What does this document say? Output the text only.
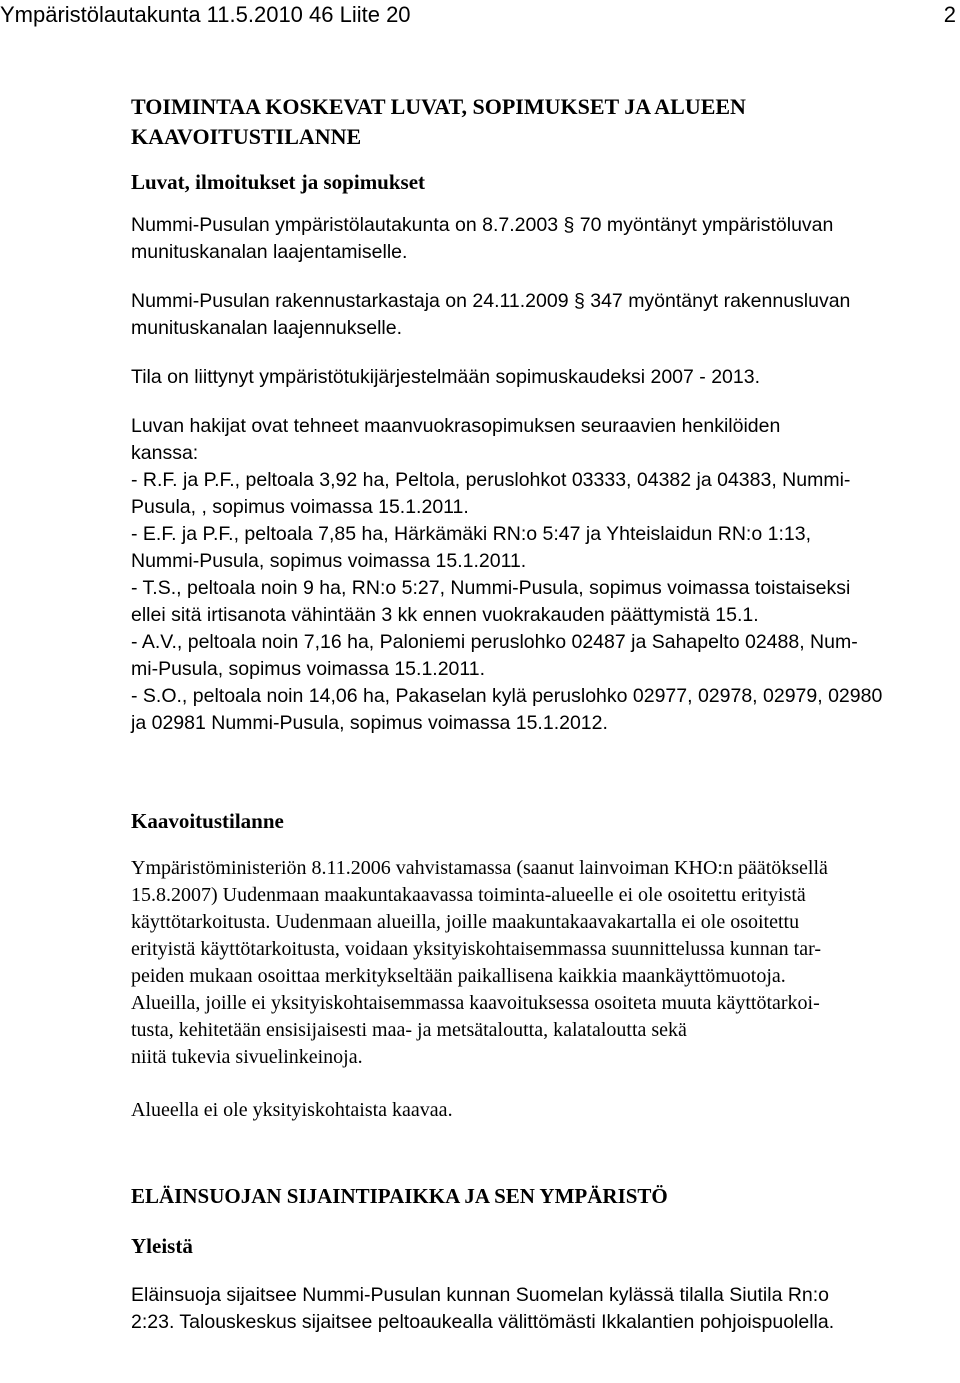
Ympäristölautakunta 11.5.2010 46 Liite 20	2
TOIMINTAA KOSKEVAT LUVAT, SOPIMUKSET JA ALUEEN
KAAVOITUSTILANNE
Luvat, ilmoitukset ja sopimukset
Nummi-Pusulan ympäristölautakunta on 8.7.2003 § 70 myöntänyt ympäristöluvan
munituskanalan laajentamiselle.
Nummi-Pusulan rakennustarkastaja on 24.11.2009 § 347 myöntänyt rakennusluvan
munituskanalan laajennukselle.
Tila on liittynyt ympäristötukijärjestelmään sopimuskaudeksi 2007 - 2013.
Luvan hakijat ovat tehneet maanvuokrasopimuksen seuraavien henkilöiden
kanssa:
- R.F. ja P.F., peltoala 3,92 ha, Peltola, peruslohkot 03333, 04382 ja 04383, Nummi-
Pusula, , sopimus voimassa 15.1.2011.
- E.F. ja P.F., peltoala 7,85 ha, Härkämäki RN:o 5:47 ja Yhteislaidun RN:o 1:13,
Nummi-Pusula, sopimus voimassa 15.1.2011.
- T.S., peltoala noin 9 ha, RN:o 5:27, Nummi-Pusula, sopimus voimassa toistaiseksi
ellei sitä irtisanota vähintään 3 kk ennen vuokrakauden päättymistä 15.1.
- A.V., peltoala noin 7,16 ha, Paloniemi peruslohko 02487 ja Sahapelto 02488, Num-
mi-Pusula, sopimus voimassa 15.1.2011.
- S.O., peltoala noin 14,06 ha, Pakaselan kylä peruslohko 02977, 02978, 02979, 02980
ja 02981 Nummi-Pusula, sopimus voimassa 15.1.2012.
Kaavoitustilanne
Ympäristöministeriön 8.11.2006 vahvistamassa (saanut lainvoiman KHO:n päätöksellä
15.8.2007) Uudenmaan maakuntakaavassa toiminta-alueelle ei ole osoitettu erityistä
käyttötarkoitusta. Uudenmaan alueilla, joille maakuntakaavakartalla ei ole osoitettu
erityistä käyttötarkoitusta, voidaan yksityiskohtaisemmassa suunnittelussa kunnan tar-
peiden mukaan osoittaa merkitykseltään paikallisena kaikkia maankäyttömuotoja.
Alueilla, joille ei yksityiskohtaisemmassa kaavoituksessa osoiteta muuta käyttötarkoi-
tusta, kehitetään ensisijaisesti maa- ja metsätaloutta, kalataloutta sekä
niitä tukevia sivuelinkeinoja.
Alueella ei ole yksityiskohtaista kaavaa.
ELÄINSUOJAN SIJAINTIPAIKKA JA SEN YMPÄRISTÖ
Yleistä
Eläinsuoja sijaitsee Nummi-Pusulan kunnan Suomelan kylässä tilalla Siutila Rn:o
2:23. Talouskeskus sijaitsee peltoaukealla välittömästi Ikkalantien pohjoispuolella.
